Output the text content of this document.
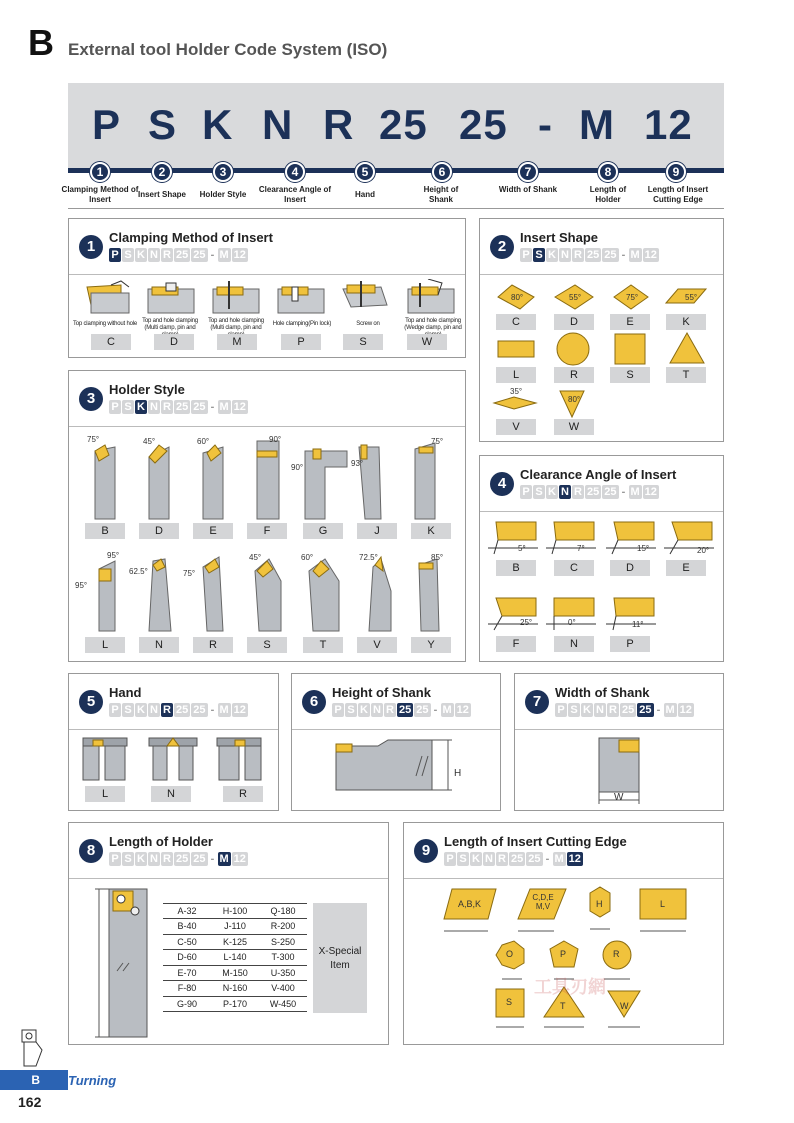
B External tool Holder Code System (ISO)
P S K N R 25 25 - M 12
1	2	3	4	5	6	7	8	9
Clamping Method of Insert
Insert Shape	Holder Style
Clearance Angle of Insert
Hand
Height of Shank
Width of Shank	Length of Holder
Length of Insert Cutting Edge
1
Clamping Method of Insert
P S K N R 25 25 - M 12
Top clamping without hole Top and hole clamping (Multi clamp, pin and
Top and hole clamping (Multi clamp, pin and
Hole clamping(Pin lock)	Screw on	Top and hole clamping (Wedge clamp, pin and
C	D	M	P	S	W
2
Insert Shape
P S K N R 25 25 - M 12
80°	55°	75°	55°
35°
80°
C	D	E	K
L	R	S	T
V	W
3
Holder Style
P S K N R 25 25 - M 12
75°	45°	60°	90°
90°	93°
75°
95°
95°
62.5°	75°
45°	60°	72.5°	85°
B	D	E	F	G	J	K
L	N	R	S	T	V	Y
4
Clearance Angle of Insert
P S K N R 25 25 - M 12
5°	7°	15°	20°
25°	0°	11°
B	C	D	E
F	N	P
5
Hand
P S K N R 25 25 - M 12
L	N	R
6
Height of Shank
P S K N R 25 25 - M 12
H
7
Width of Shank
P S K N R 25 25 - M 12
W
8
Length of Holder
P S K N R 25 25 - M 12
A-32	H-100	Q-180
B-40	J-110	R-200
C-50	K-125	S-250
D-60	L-140	T-300
E-70	M-150	U-350
F-80	N-160	V-400
G-90	P-170	W-450
X-Special Item
9
Length of Insert Cutting Edge
P S K N R 25 25 - M 12
A,B,K
C,D,E M,V	H	L
O	P	R
S	T	W
工具刃網
B	Turning
162
